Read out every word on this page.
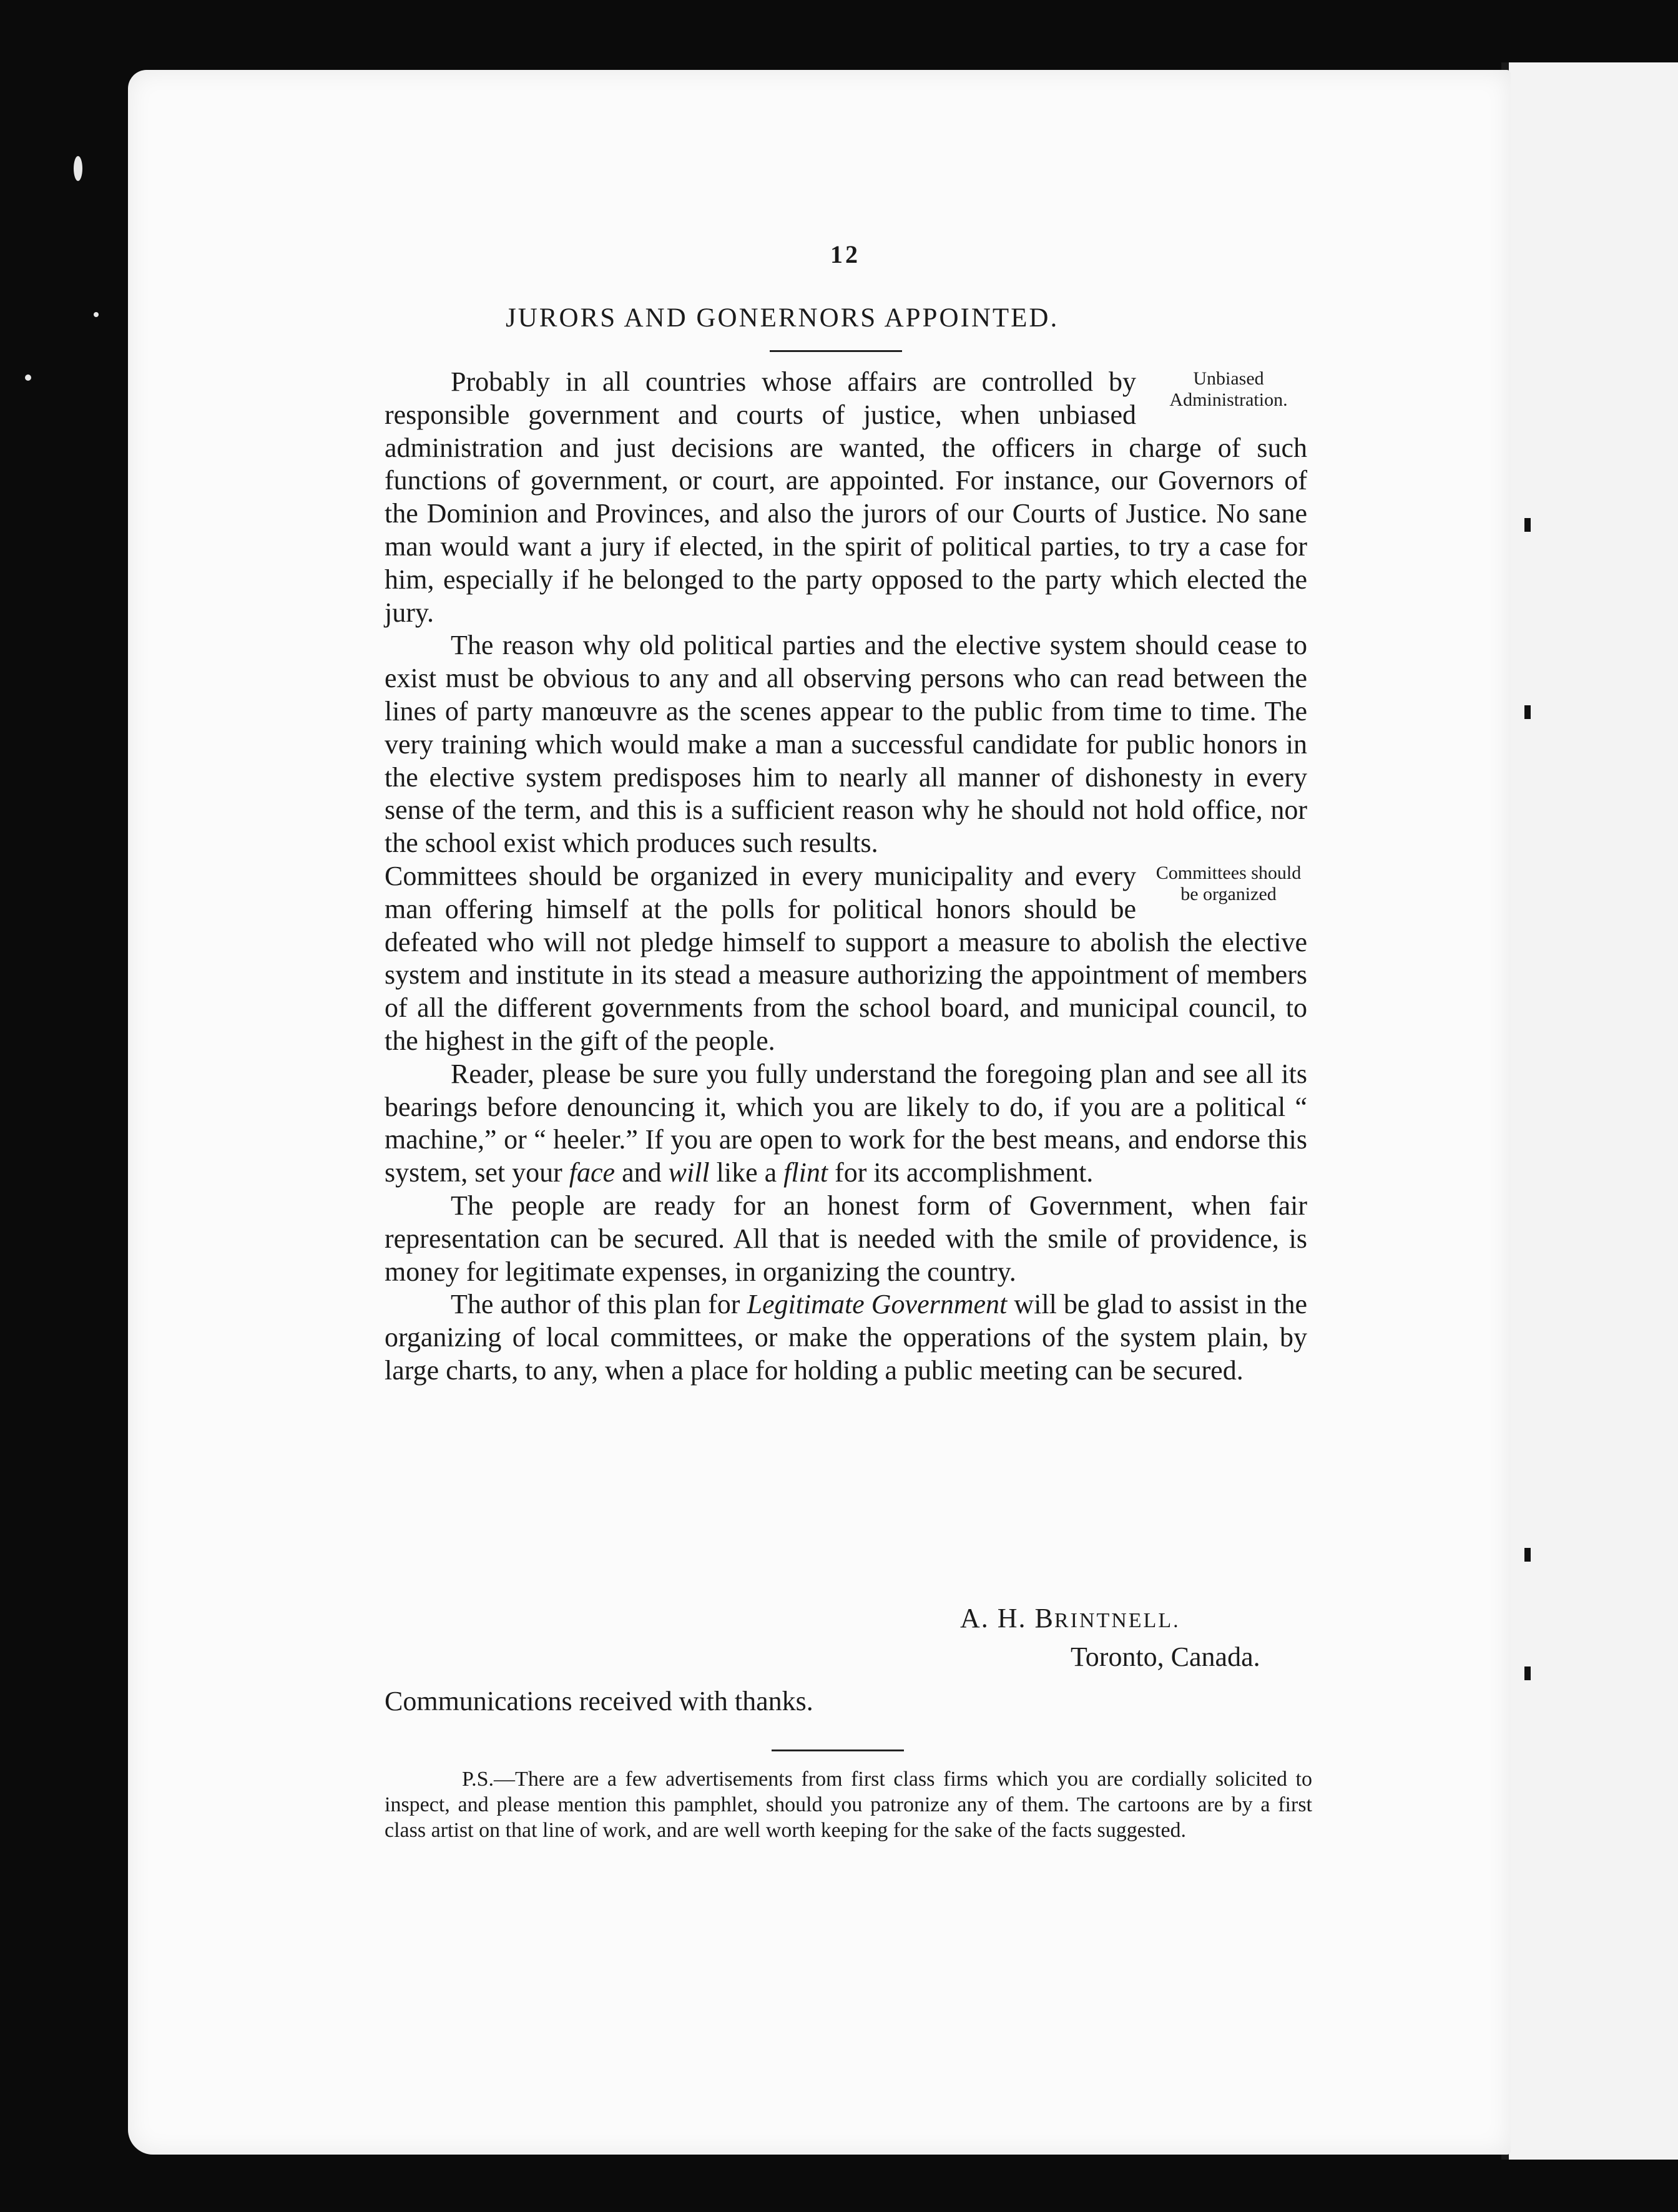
12
JURORS AND GONERNORS APPOINTED.

Unbiased Administration.
Probably in all countries whose affairs are controlled by responsible government and courts of justice, when unbiased administration and just decisions are wanted, the officers in charge of such functions of government, or court, are appointed. For instance, our Governors of the Dominion and Provinces, and also the jurors of our Courts of Justice. No sane man would want a jury if elected, in the spirit of political parties, to try a case for him, especially if he belonged to the party opposed to the party which elected the jury.

The reason why old political parties and the elective system should cease to exist must be obvious to any and all observing persons who can read between the lines of party manœuvre as the scenes appear to the public from time to time. The very training which would make a man a successful candidate for public honors in the elective system predisposes him to nearly all manner of dishonesty in every sense of the term, and this is a sufficient reason why he should not hold office, nor the school exist which produces such results.

Committees should be organized
Committees should be organized in every municipality and every man offering himself at the polls for political honors should be defeated who will not pledge himself to support a measure to abolish the elective system and institute in its stead a measure authorizing the appointment of members of all the different governments from the school board, and municipal council, to the highest in the gift of the people.

Reader, please be sure you fully understand the foregoing plan and see all its bearings before denouncing it, which you are likely to do, if you are a political “ machine,” or “ heeler.” If you are open to work for the best means, and endorse this system, set your face and will like a flint for its accomplishment.

The people are ready for an honest form of Government, when fair representation can be secured. All that is needed with the smile of providence, is money for legitimate expenses, in organizing the country.

The author of this plan for Legitimate Government will be glad to assist in the organizing of local committees, or make the opperations of the system plain, by large charts, to any, when a place for holding a public meeting can be secured.

A. H. BRINTNELL.
Toronto, Canada.
Communications received with thanks.

P.S.—There are a few advertisements from first class firms which you are cordially solicited to inspect, and please mention this pamphlet, should you patronize any of them. The cartoons are by a first class artist on that line of work, and are well worth keeping for the sake of the facts suggested.
